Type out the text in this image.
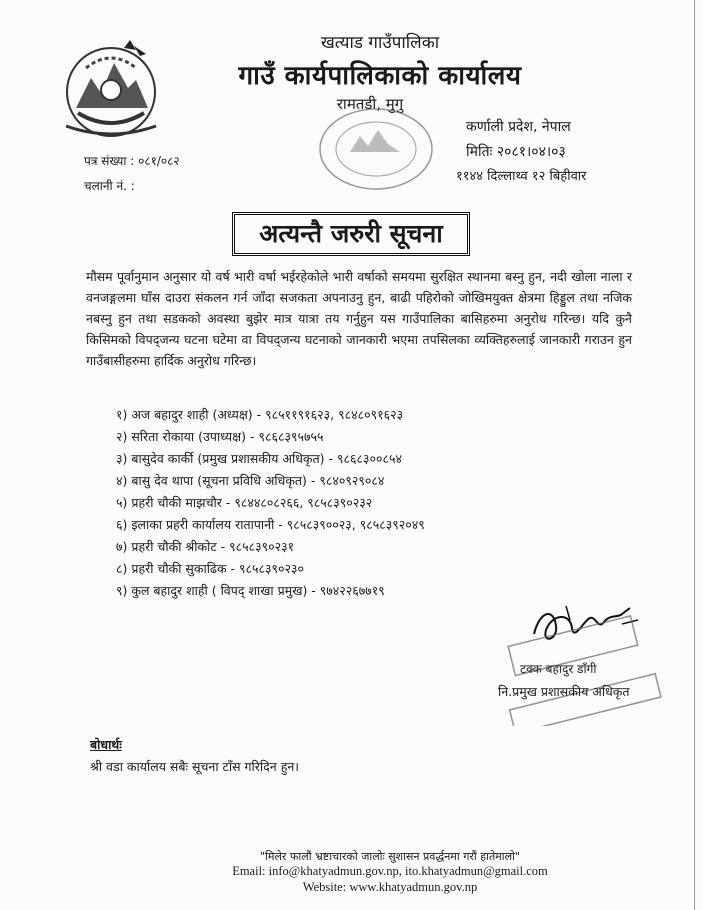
खत्याड गाउँपालिका
गाउँ कार्यपालिकाको कार्यालय
रामतडी, मुगु
कर्णाली प्रदेश, नेपाल
मितिः २०८१।०४।०३
११४४ दिल्लाथ्व १२ बिहीवार
पत्र संख्या : ०८१/०८२
चलानी नं. :
अत्यन्तै जरुरी सूचना
मौसम पूर्वानुमान अनुसार यो वर्ष भारी वर्षा भईरहेकोले भारी वर्षाको समयमा सुरक्षित स्थानमा बस्नु हुन, नदी खोला नाला र वनजङ्गलमा घाँस दाउरा संकलन गर्न जाँदा सजकता अपनाउनु हुन, बाढी पहिरोको जोखिमयुक्त क्षेत्रमा हिड्डुल तथा नजिक नबस्नु हुन तथा सडकको अवस्था बुझेर मात्र यात्रा तय गर्नुहुन यस गाउँपालिका बासिहरुमा अनुरोध गरिन्छ। यदि कुनै किसिमको विपद्जन्य घटना घटेमा वा विपद्जन्य घटनाको जानकारी भएमा तपसिलका व्यक्तिहरुलाई जानकारी गराउन हुन गाउँबासीहरुमा हार्दिक अनुरोध गरिन्छ।
१) अज बहादुर शाही (अध्यक्ष) - ९८५११९१६२३, ९८४८०९१६२३
२) सरिता रोकाया (उपाध्यक्ष) - ९८६८३९५७५५
३) बासुदेव कार्की (प्रमुख प्रशासकीय अधिकृत) - ९८६८३००८५४
४) बासु देव थापा (सूचना प्रविधि अधिकृत) - ९८४०९२९०८४
५) प्रहरी चौकी माझचौर - ९८४४८०८२६६, ९८५८३९०२३२
६) इलाका प्रहरी कार्यालय रातापानी - ९८५८३९००२३, ९८५८३९२०४९
७) प्रहरी चौकी श्रीकोट - ९८५८३९०२३१
८) प्रहरी चौकी सुकाढिक - ९८५८३९०२३०
९) कुल बहादुर शाही ( विपद् शाखा प्रमुख) - ९७४२२६७७१९
टक्क बहादुर डाँगी
नि.प्रमुख प्रशासकीय अधिकृत
बोधार्थः
श्री वडा कार्यालय सबैः सूचना टाँस गरिदिन हुन।
"मिलेर फालौं भ्रष्टाचारको जालोः सुशासन प्रवर्द्धनमा गरौं हातेमालो"
Email: info@khatyadmun.gov.np, ito.khatyadmun@gmail.com
Website: www.khatyadmun.gov.np
